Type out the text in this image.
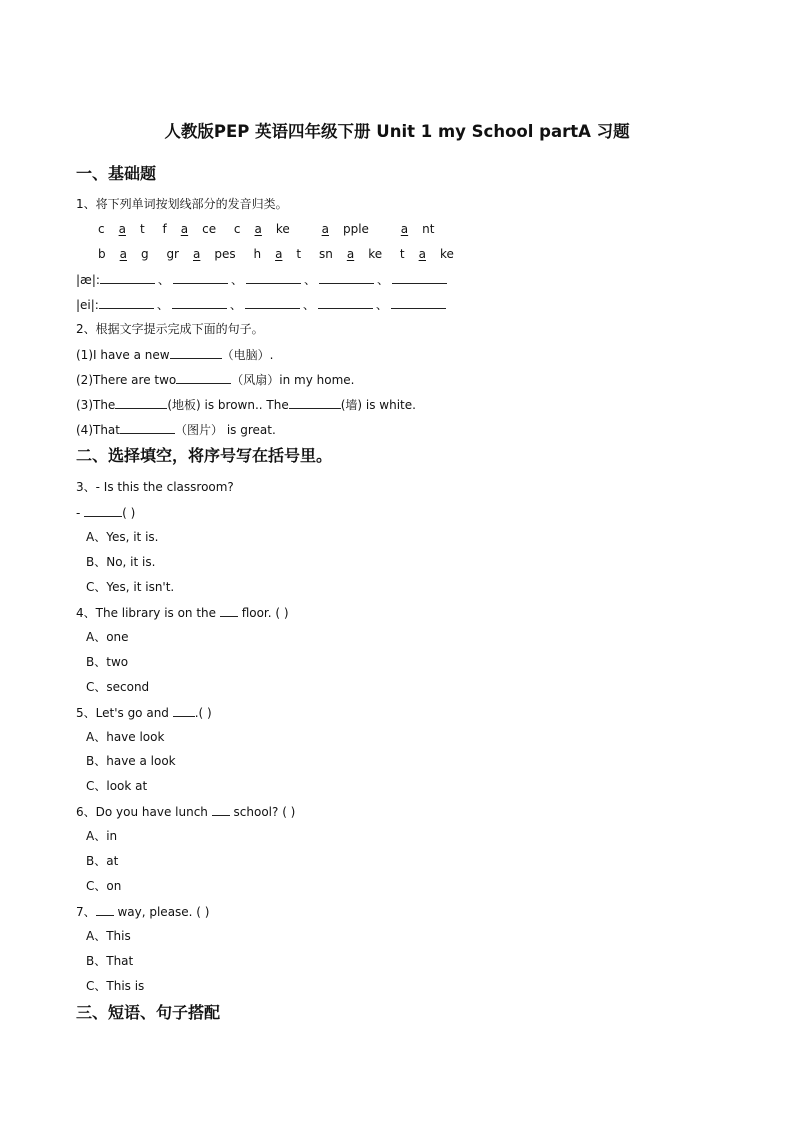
人教版PEP 英语四年级下册 Unit 1 my School partA 习题
一、基础题
1、将下列单词按划线部分的发音归类。
c a t f a ce c a ke	a pple	a nt
b a g gr a pes h a t sn a ke t a ke
|æ|:	、	、	、	、
|ei|:	、	、	、	、
2、根据文字提示完成下面的句子。
(1)I have a new	（电脑）.
(2)There are two	（风扇）in my home.
(3)The	(地板) is brown.. The	(墙) is white.
(4)That	（图片） is great.
二、选择填空，将序号写在括号里。
3、- Is this the classroom?
-	( )
A、Yes, it is.
B、No, it is.
C、Yes, it isn't.
4、The library is on the  floor. ( )
A、one
B、two
C、second
5、Let's go and .( )
A、have look
B、have a look
C、look at
6、Do you have lunch  school? ( )
A、in
B、at
C、on
7、 way, please. ( )
A、This
B、That
C、This is
三、短语、句子搭配
